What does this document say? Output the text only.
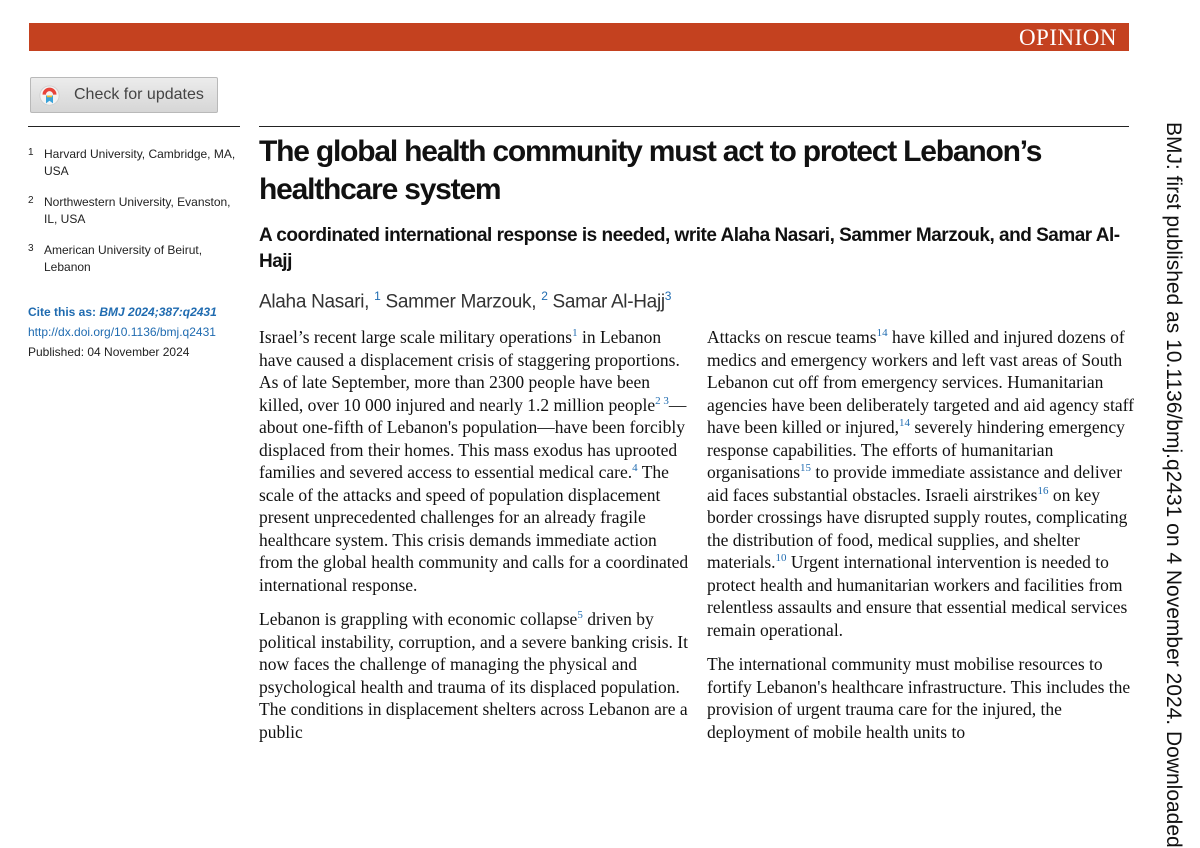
OPINION
Check for updates
1 Harvard University, Cambridge, MA, USA
2 Northwestern University, Evanston, IL, USA
3 American University of Beirut, Lebanon
Cite this as: BMJ 2024;387:q2431
http://dx.doi.org/10.1136/bmj.q2431
Published: 04 November 2024
The global health community must act to protect Lebanon’s healthcare system
A coordinated international response is needed, write Alaha Nasari, Sammer Marzouk, and Samar Al-Hajj
Alaha Nasari, $^1$ Sammer Marzouk, $^2$ Samar Al-Hajj$^3$

Israel’s recent large scale military operations$^1$ in Lebanon have caused a displacement crisis of staggering proportions. As of late September, more than 2300 people have been killed, over 10 000 injured and nearly 1.2 million people$^{2 3}$—about one-fifth of Lebanon's population—have been forcibly displaced from their homes. This mass exodus has uprooted families and severed access to essential medical care.$^4$ The scale of the attacks and speed of population displacement present unprecedented challenges for an already fragile healthcare system. This crisis demands immediate action from the global health community and calls for a coordinated international response.

Lebanon is grappling with economic collapse$^5$ driven by political instability, corruption, and a severe banking crisis. It now faces the challenge of managing the physical and psychological health and trauma of its displaced population. The conditions in displacement shelters across Lebanon are a public

Attacks on rescue teams$^{14}$ have killed and injured dozens of medics and emergency workers and left vast areas of South Lebanon cut off from emergency services. Humanitarian agencies have been deliberately targeted and aid agency staff have been killed or injured,$^{14}$ severely hindering emergency response capabilities. The efforts of humanitarian organisations$^{15}$ to provide immediate assistance and deliver aid faces substantial obstacles. Israeli airstrikes$^{16}$ on key border crossings have disrupted supply routes, complicating the distribution of food, medical supplies, and shelter materials.$^{10}$ Urgent international intervention is needed to protect health and humanitarian workers and facilities from relentless assaults and ensure that essential medical services remain operational.

The international community must mobilise resources to fortify Lebanon's healthcare infrastructure. This includes the provision of urgent trauma care for the injured, the deployment of mobile health units to	BMJ: first published as 10.1136/bmj.q2431 on 4 November 2024. Downloaded
